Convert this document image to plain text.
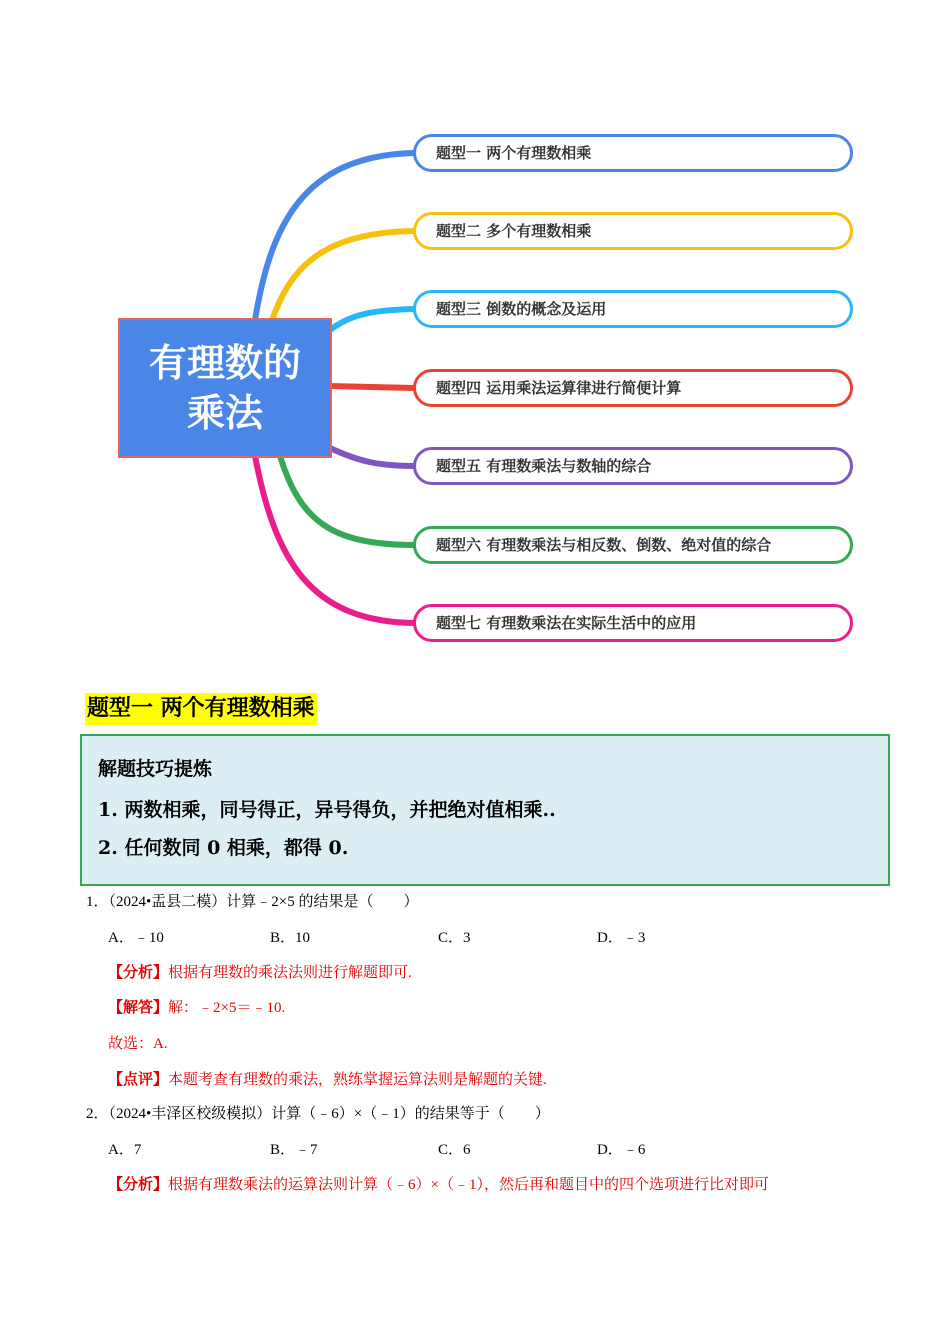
有理数的
乘法
题型一 两个有理数相乘
题型二 多个有理数相乘
题型三 倒数的概念及运用
题型四 运用乘法运算律进行简便计算
题型五 有理数乘法与数轴的综合
题型六 有理数乘法与相反数、倒数、绝对值的综合
题型七 有理数乘法在实际生活中的应用
题型一 两个有理数相乘
解题技巧提炼
1. 两数相乘，同号得正，异号得负，并把绝对值相乘..
2. 任何数同 0 相乘，都得 0.
1．（2024•盂县二模）计算﹣2×5 的结果是（　　）
A．﹣10	B．10	C．3	D．﹣3
【分析】根据有理数的乘法法则进行解题即可.
【解答】解：﹣2×5＝﹣10.
故选：A.
【点评】本题考查有理数的乘法，熟练掌握运算法则是解题的关键.
2．（2024•丰泽区校级模拟）计算（﹣6）×（﹣1）的结果等于（　　）
A．7	B．﹣7	C．6	D．﹣6
【分析】根据有理数乘法的运算法则计算（﹣6）×（﹣1），然后再和题目中的四个选项进行比对即可
